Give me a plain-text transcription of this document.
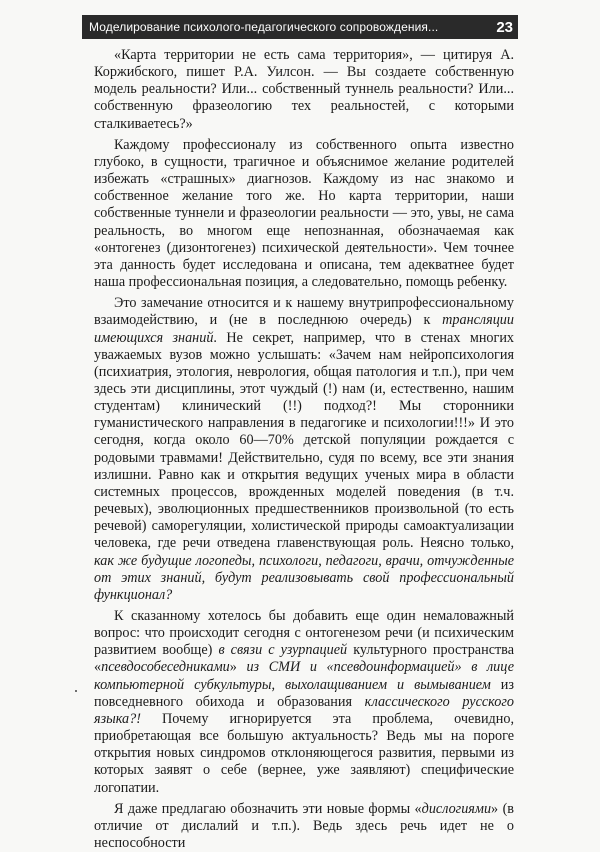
Моделирование психолого-педагогического сопровождения...	23

«Карта территории не есть сама территория», — цитируя А. Коржибского, пишет Р.А. Уилсон. — Вы создаете собственную модель реальности? Или... собственный туннель реальности? Или... собственную фразеологию тех реальностей, с которыми сталкиваетесь?»

Каждому профессионалу из собственного опыта известно глубоко, в сущности, трагичное и объяснимое желание родителей избежать «страшных» диагнозов. Каждому из нас знакомо и собственное желание того же. Но карта территории, наши собственные туннели и фразеологии реальности — это, увы, не сама реальность, во многом еще непознанная, обозначаемая как «онтогенез (дизонтогенез) психической деятельности». Чем точнее эта данность будет исследована и описана, тем адекватнее будет наша профессиональная позиция, а следовательно, помощь ребенку.

Это замечание относится и к нашему внутрипрофессиональному взаимодействию, и (не в последнюю очередь) к трансляции имеющихся знаний. Не секрет, например, что в стенах многих уважаемых вузов можно услышать: «Зачем нам нейропсихология (психиатрия, этология, неврология, общая патология и т.п.), при чем здесь эти дисциплины, этот чуждый (!) нам (и, естественно, нашим студентам) клинический (!!) подход?! Мы сторонники гуманистического направления в педагогике и психологии!!!» И это сегодня, когда около 60—70% детской популяции рождается с родовыми травмами! Действительно, судя по всему, все эти знания излишни. Равно как и открытия ведущих ученых мира в области системных процессов, врожденных моделей поведения (в т.ч. речевых), эволюционных предшественников произвольной (то есть речевой) саморегуляции, холистической природы самоактуализации человека, где речи отведена главенствующая роль. Неясно только, как же будущие логопеды, психологи, педагоги, врачи, отчужденные от этих знаний, будут реализовывать свой профессиональный функционал?

К сказанному хотелось бы добавить еще один немаловажный вопрос: что происходит сегодня с онтогенезом речи (и психическим развитием вообще) в связи с узурпацией культурного пространства «псевдособеседниками» из СМИ и «псевдоинформацией» в лице компьютерной субкультуры, выхолащиванием и вымыванием из повседневного обихода и образования классического русского языка?! Почему игнорируется эта проблема, очевидно, приобретающая все большую актуальность? Ведь мы на пороге открытия новых синдромов отклоняющегося развития, первыми из которых заявят о себе (вернее, уже заявляют) специфические логопатии.

Я даже предлагаю обозначить эти новые формы «дислогиями» (в отличие от дислалий и т.п.). Ведь здесь речь идет не о неспособности
